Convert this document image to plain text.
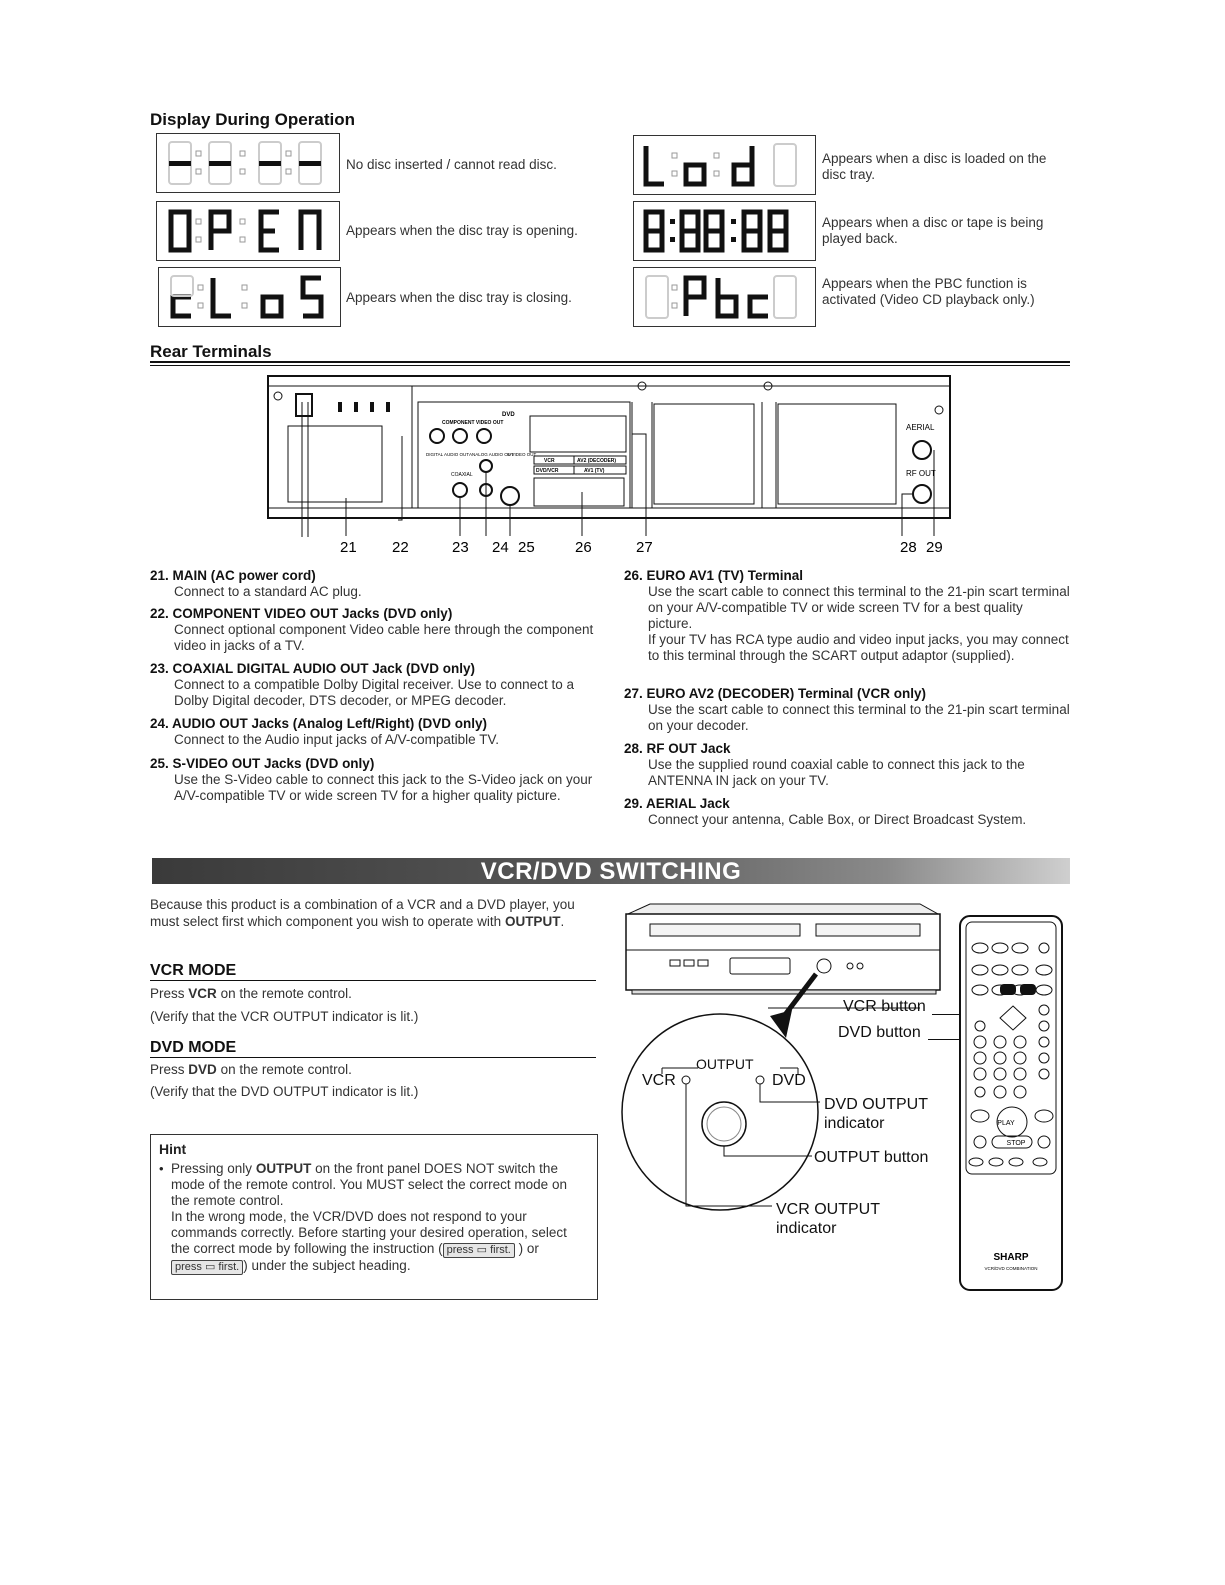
Display During Operation
No disc inserted / cannot read disc.
Appears when the disc tray is opening.
Appears when the disc tray is closing.
Appears when a disc is loaded on the disc tray.
Appears when a disc or tape is being played back.
Appears when the PBC function is activated (Video CD playback only.)
Rear Terminals
DVD
COMPONENT VIDEO OUT
DIGITAL AUDIO OUT ANALOG AUDIO OUT
S-VIDEO OUT
COAXIAL
VCR	AV2 (DECODER)
DVD/VCR	AV1 (TV)
AERIAL
RF OUT
21 22	23 24 25	26	27	28 29
21. MAIN (AC power cord)

Connect to a standard AC plug.

22. COMPONENT VIDEO OUT Jacks (DVD only)

Connect optional component Video cable here through the component video in jacks of a TV.

23. COAXIAL DIGITAL AUDIO OUT Jack (DVD only)

Connect to a compatible Dolby Digital receiver. Use to connect to a Dolby Digital decoder, DTS decoder, or MPEG decoder.

24. AUDIO OUT Jacks (Analog Left/Right) (DVD only)

Connect to the Audio input jacks of A/V-compatible TV.

25. S-VIDEO OUT Jacks (DVD only)

Use the S-Video cable to connect this jack to the S-Video jack on your A/V-compatible TV or wide screen TV for a higher quality picture.

26. EURO AV1 (TV) Terminal

Use the scart cable to connect this terminal to the 21-pin scart terminal on your A/V-compatible TV or wide screen TV for a best quality picture.

If your TV has RCA type audio and video input jacks, you may connect to this terminal through the SCART output adaptor (supplied).

27. EURO AV2 (DECODER) Terminal (VCR only)

Use the scart cable to connect this terminal to the 21-pin scart terminal on your decoder.

28. RF OUT Jack

Use the supplied round coaxial cable to connect this jack to the ANTENNA IN jack on your TV.

29. AERIAL Jack

Connect your antenna, Cable Box, or Direct Broadcast System.

VCR/DVD SWITCHING
Because this product is a combination of a VCR and a DVD player, you must select first which component you wish to operate with OUTPUT.
VCR MODE
Press VCR on the remote control.
(Verify that the VCR OUTPUT indicator is lit.)
DVD MODE
Press DVD on the remote control.
(Verify that the DVD OUTPUT indicator is lit.)
Hint
• Pressing only OUTPUT on the front panel DOES NOT switch the mode of the remote control. You MUST select the correct mode on the remote control.
In the wrong mode, the VCR/DVD does not respond to your commands correctly. Before starting your desired operation, select the correct mode by following the instruction ( press ▭ first. ) or
press ▭ first. ) under the subject heading.
VCR	DVD
OUTPUT
VCR button
DVD button
DVD OUTPUT
indicator
OUTPUT button
VCR OUTPUT
indicator
PLAY
STOP
SHARP
VCR/DVD COMBINATION
